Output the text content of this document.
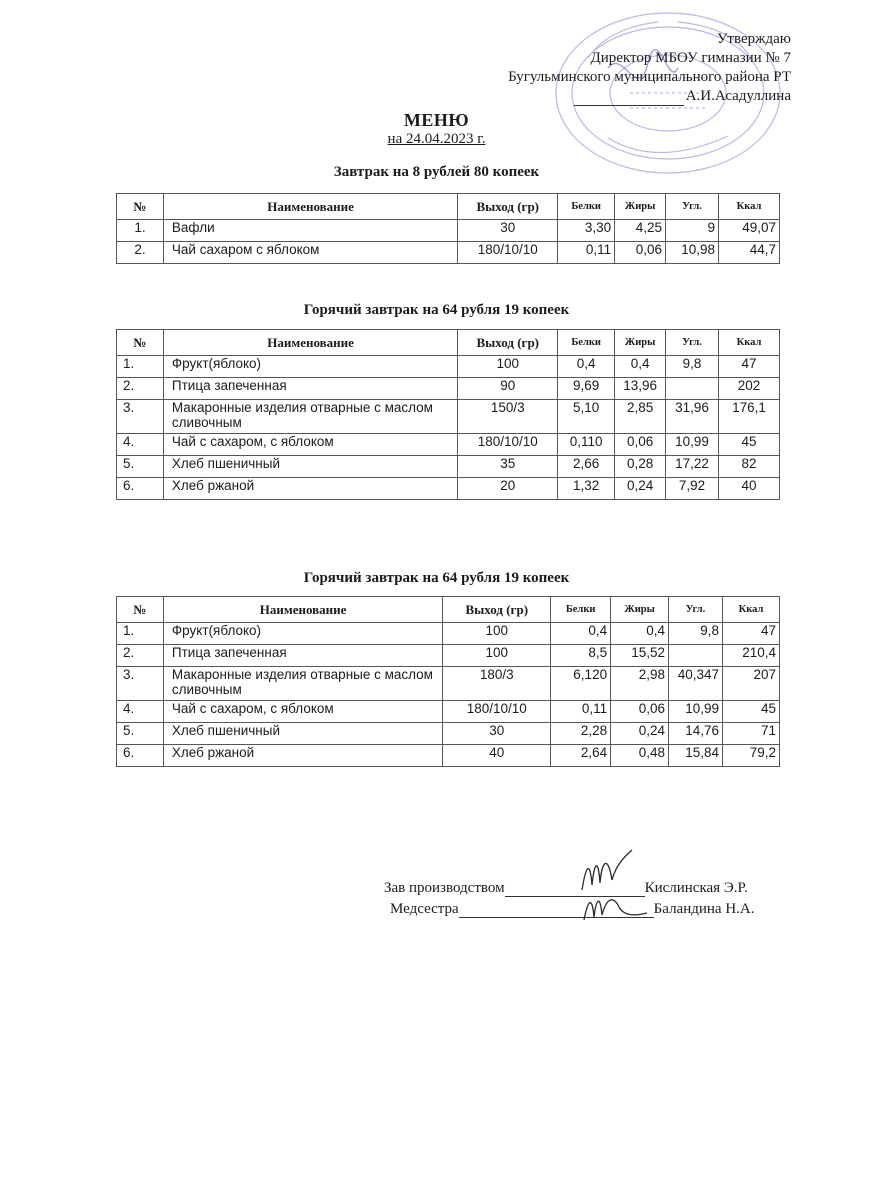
Утверждаю
Директор МБОУ гимназии № 7
Бугульминского муниципального района РТ
А.И.Асадуллина
МЕНЮ
на 24.04.2023 г.
Завтрак на 8 рублей 80 копеек
№	Наименование	Выход (гр)	Белки	Жиры	Угл.	Ккал
1.	Вафли	30	3,30	4,25	9	49,07
2.	Чай сахаром с яблоком	180/10/10	0,11	0,06	10,98	44,7
Горячий завтрак на 64 рубля 19 копеек
№	Наименование	Выход (гр)	Белки	Жиры	Угл.	Ккал
1.	Фрукт(яблоко)	100	0,4	0,4	9,8	47
2.	Птица запеченная	90	9,69	13,96		202
3.	Макаронные изделия отварные с маслом сливочным	150/3	5,10	2,85	31,96	176,1
4.	Чай с сахаром, с яблоком	180/10/10	0,110	0,06	10,99	45
5.	Хлеб пшеничный	35	2,66	0,28	17,22	82
6.	Хлеб ржаной	20	1,32	0,24	7,92	40
Горячий завтрак на 64 рубля 19 копеек
№	Наименование	Выход (гр)	Белки	Жиры	Угл.	Ккал
1.	Фрукт(яблоко)	100	0,4	0,4	9,8	47
2.	Птица запеченная	100	8,5	15,52		210,4
3.	Макаронные изделия отварные с маслом сливочным	180/3	6,120	2,98	40,347	207
4.	Чай с сахаром, с яблоком	180/10/10	0,11	0,06	10,99	45
5.	Хлеб пшеничный	30	2,28	0,24	14,76	71
6.	Хлеб ржаной	40	2,64	0,48	15,84	79,2
Зав производством	Кислинская Э.Р.
Медсестра	Баландина Н.А.
